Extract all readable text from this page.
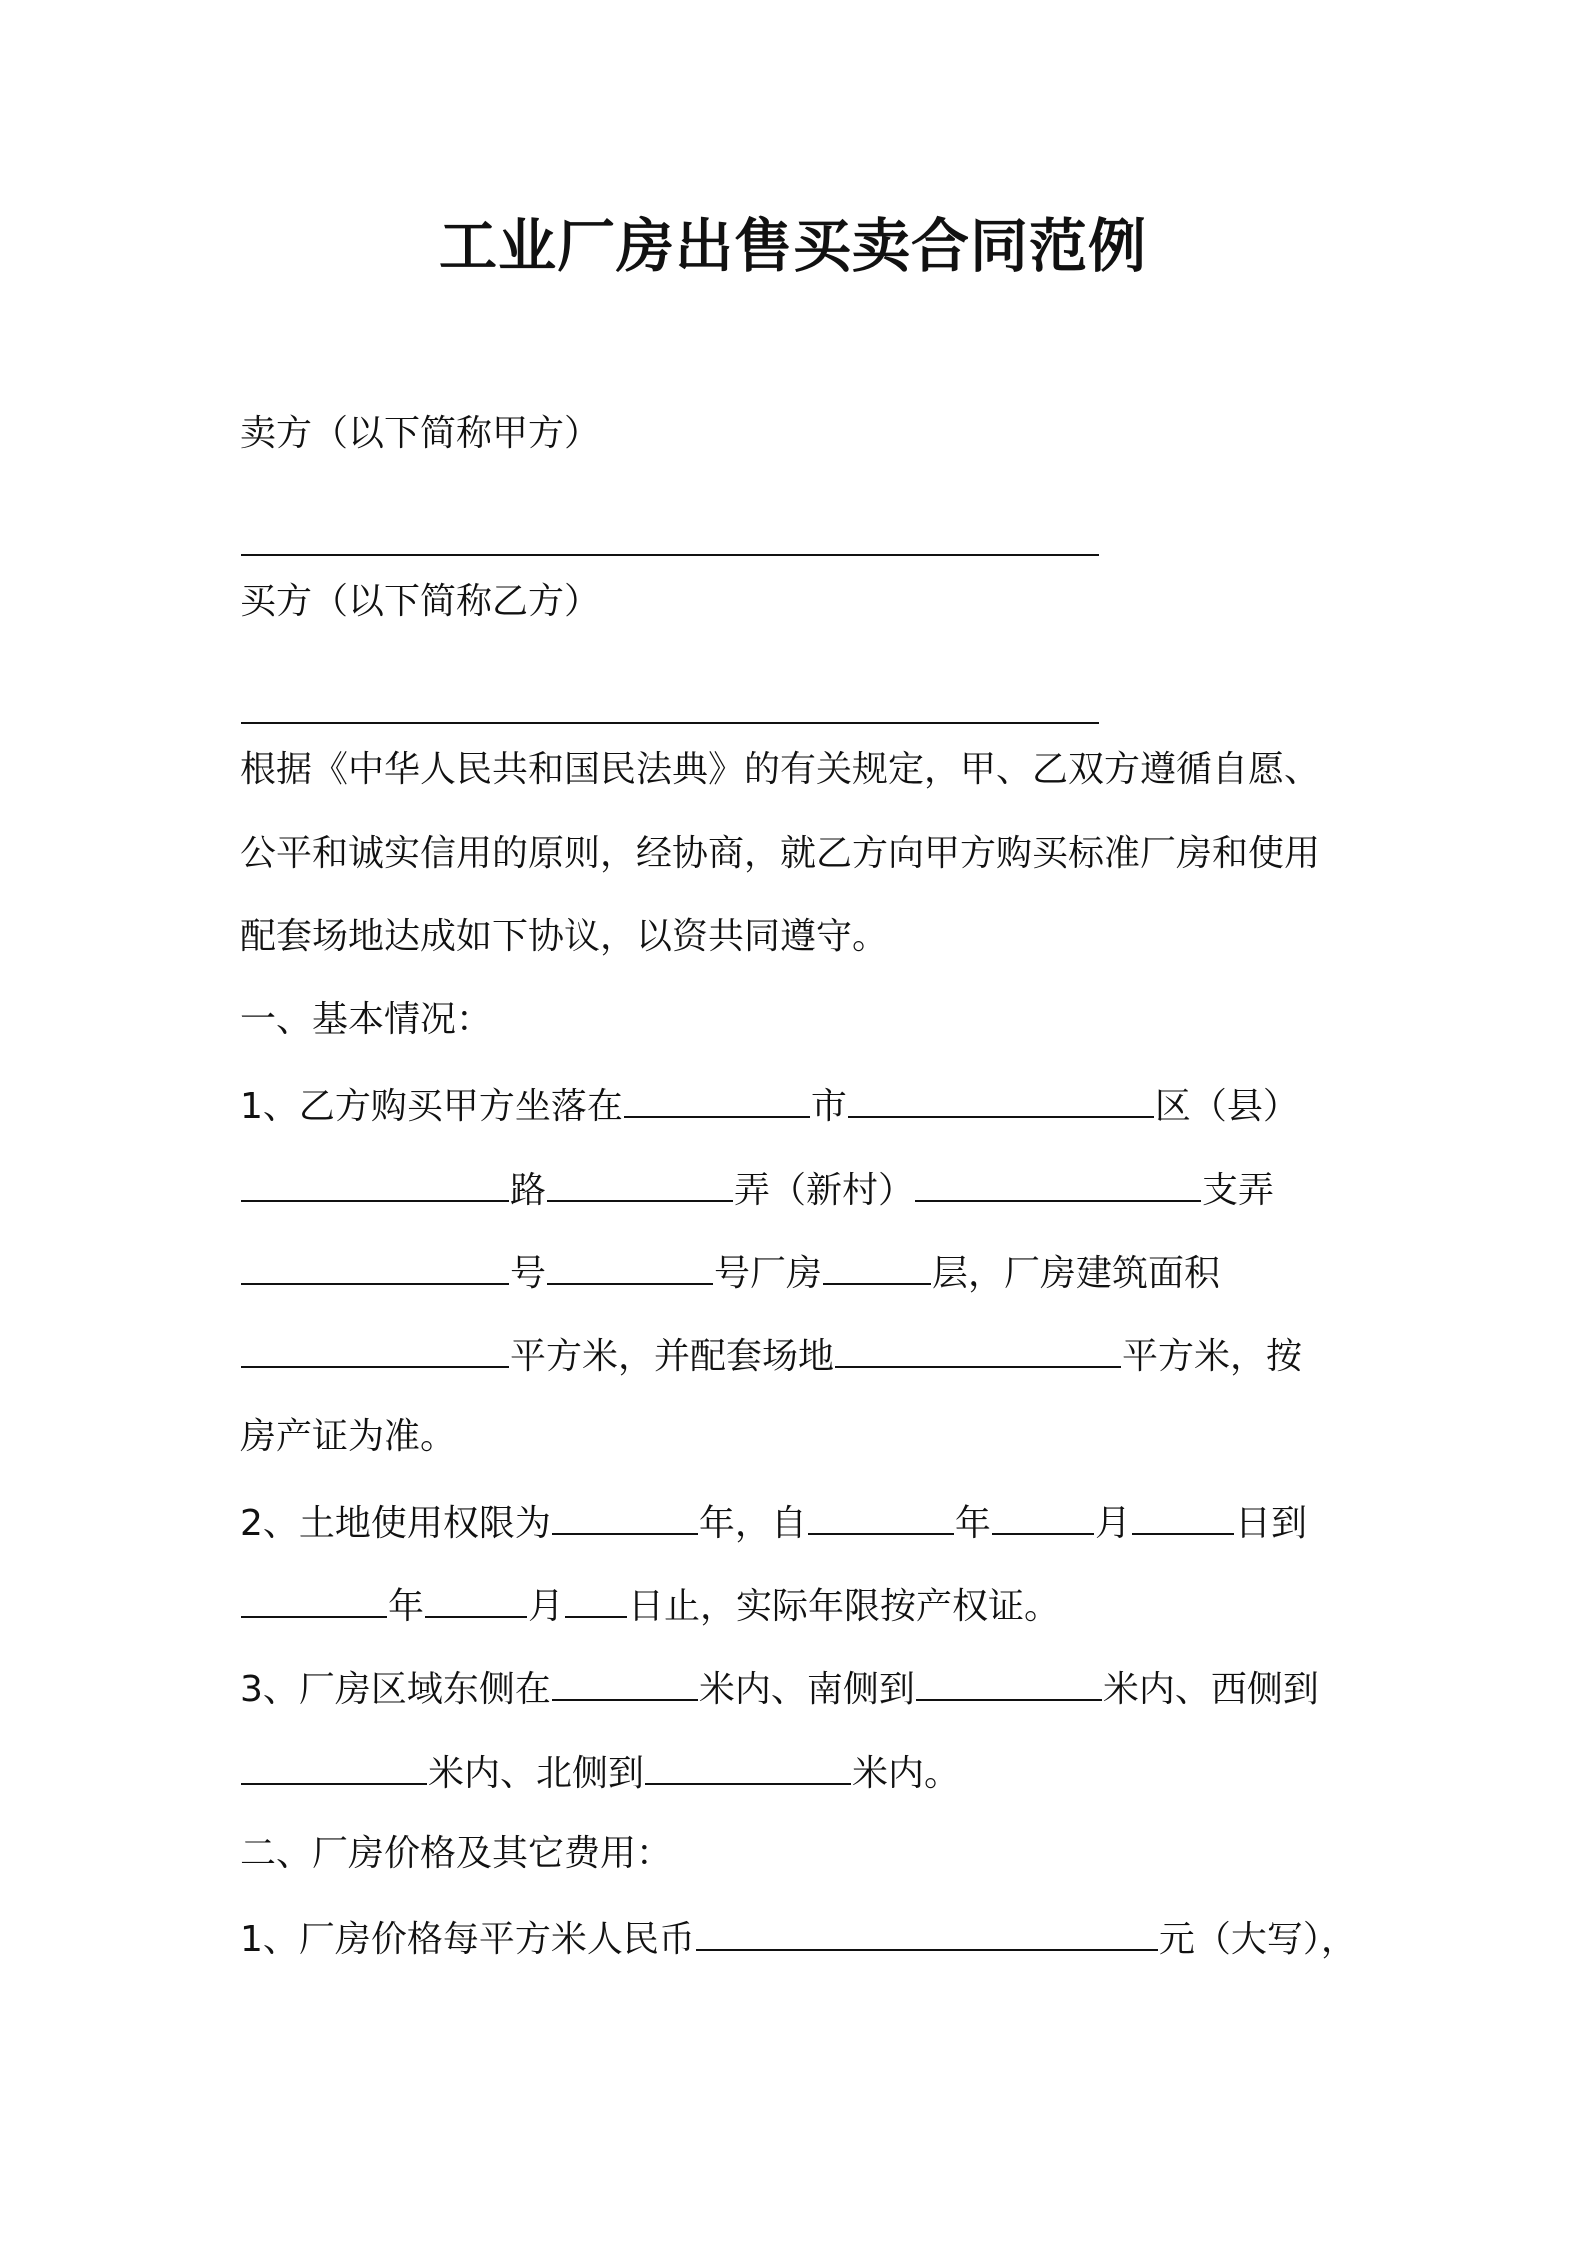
工业厂房出售买卖合同范例
卖方（以下简称甲方）
买方（以下简称乙方）
根据《中华人民共和国民法典》的有关规定，甲、乙双方遵循自愿、
公平和诚实信用的原则，经协商，就乙方向甲方购买标准厂房和使用
配套场地达成如下协议，以资共同遵守。
一、基本情况：
1、乙方购买甲方坐落在	市	区（县）
路	弄（新村）	支弄
号	号厂房	层，厂房建筑面积
平方米，并配套场地	平方米，按
房产证为准。
2、土地使用权限为	年，自	年	月	日到
年	月 日止，实际年限按产权证。
3、厂房区域东侧在	米内、南侧到	米内、西侧到
米内、北侧到	米内。
二、厂房价格及其它费用：
1、厂房价格每平方米人民币	元（大写），
